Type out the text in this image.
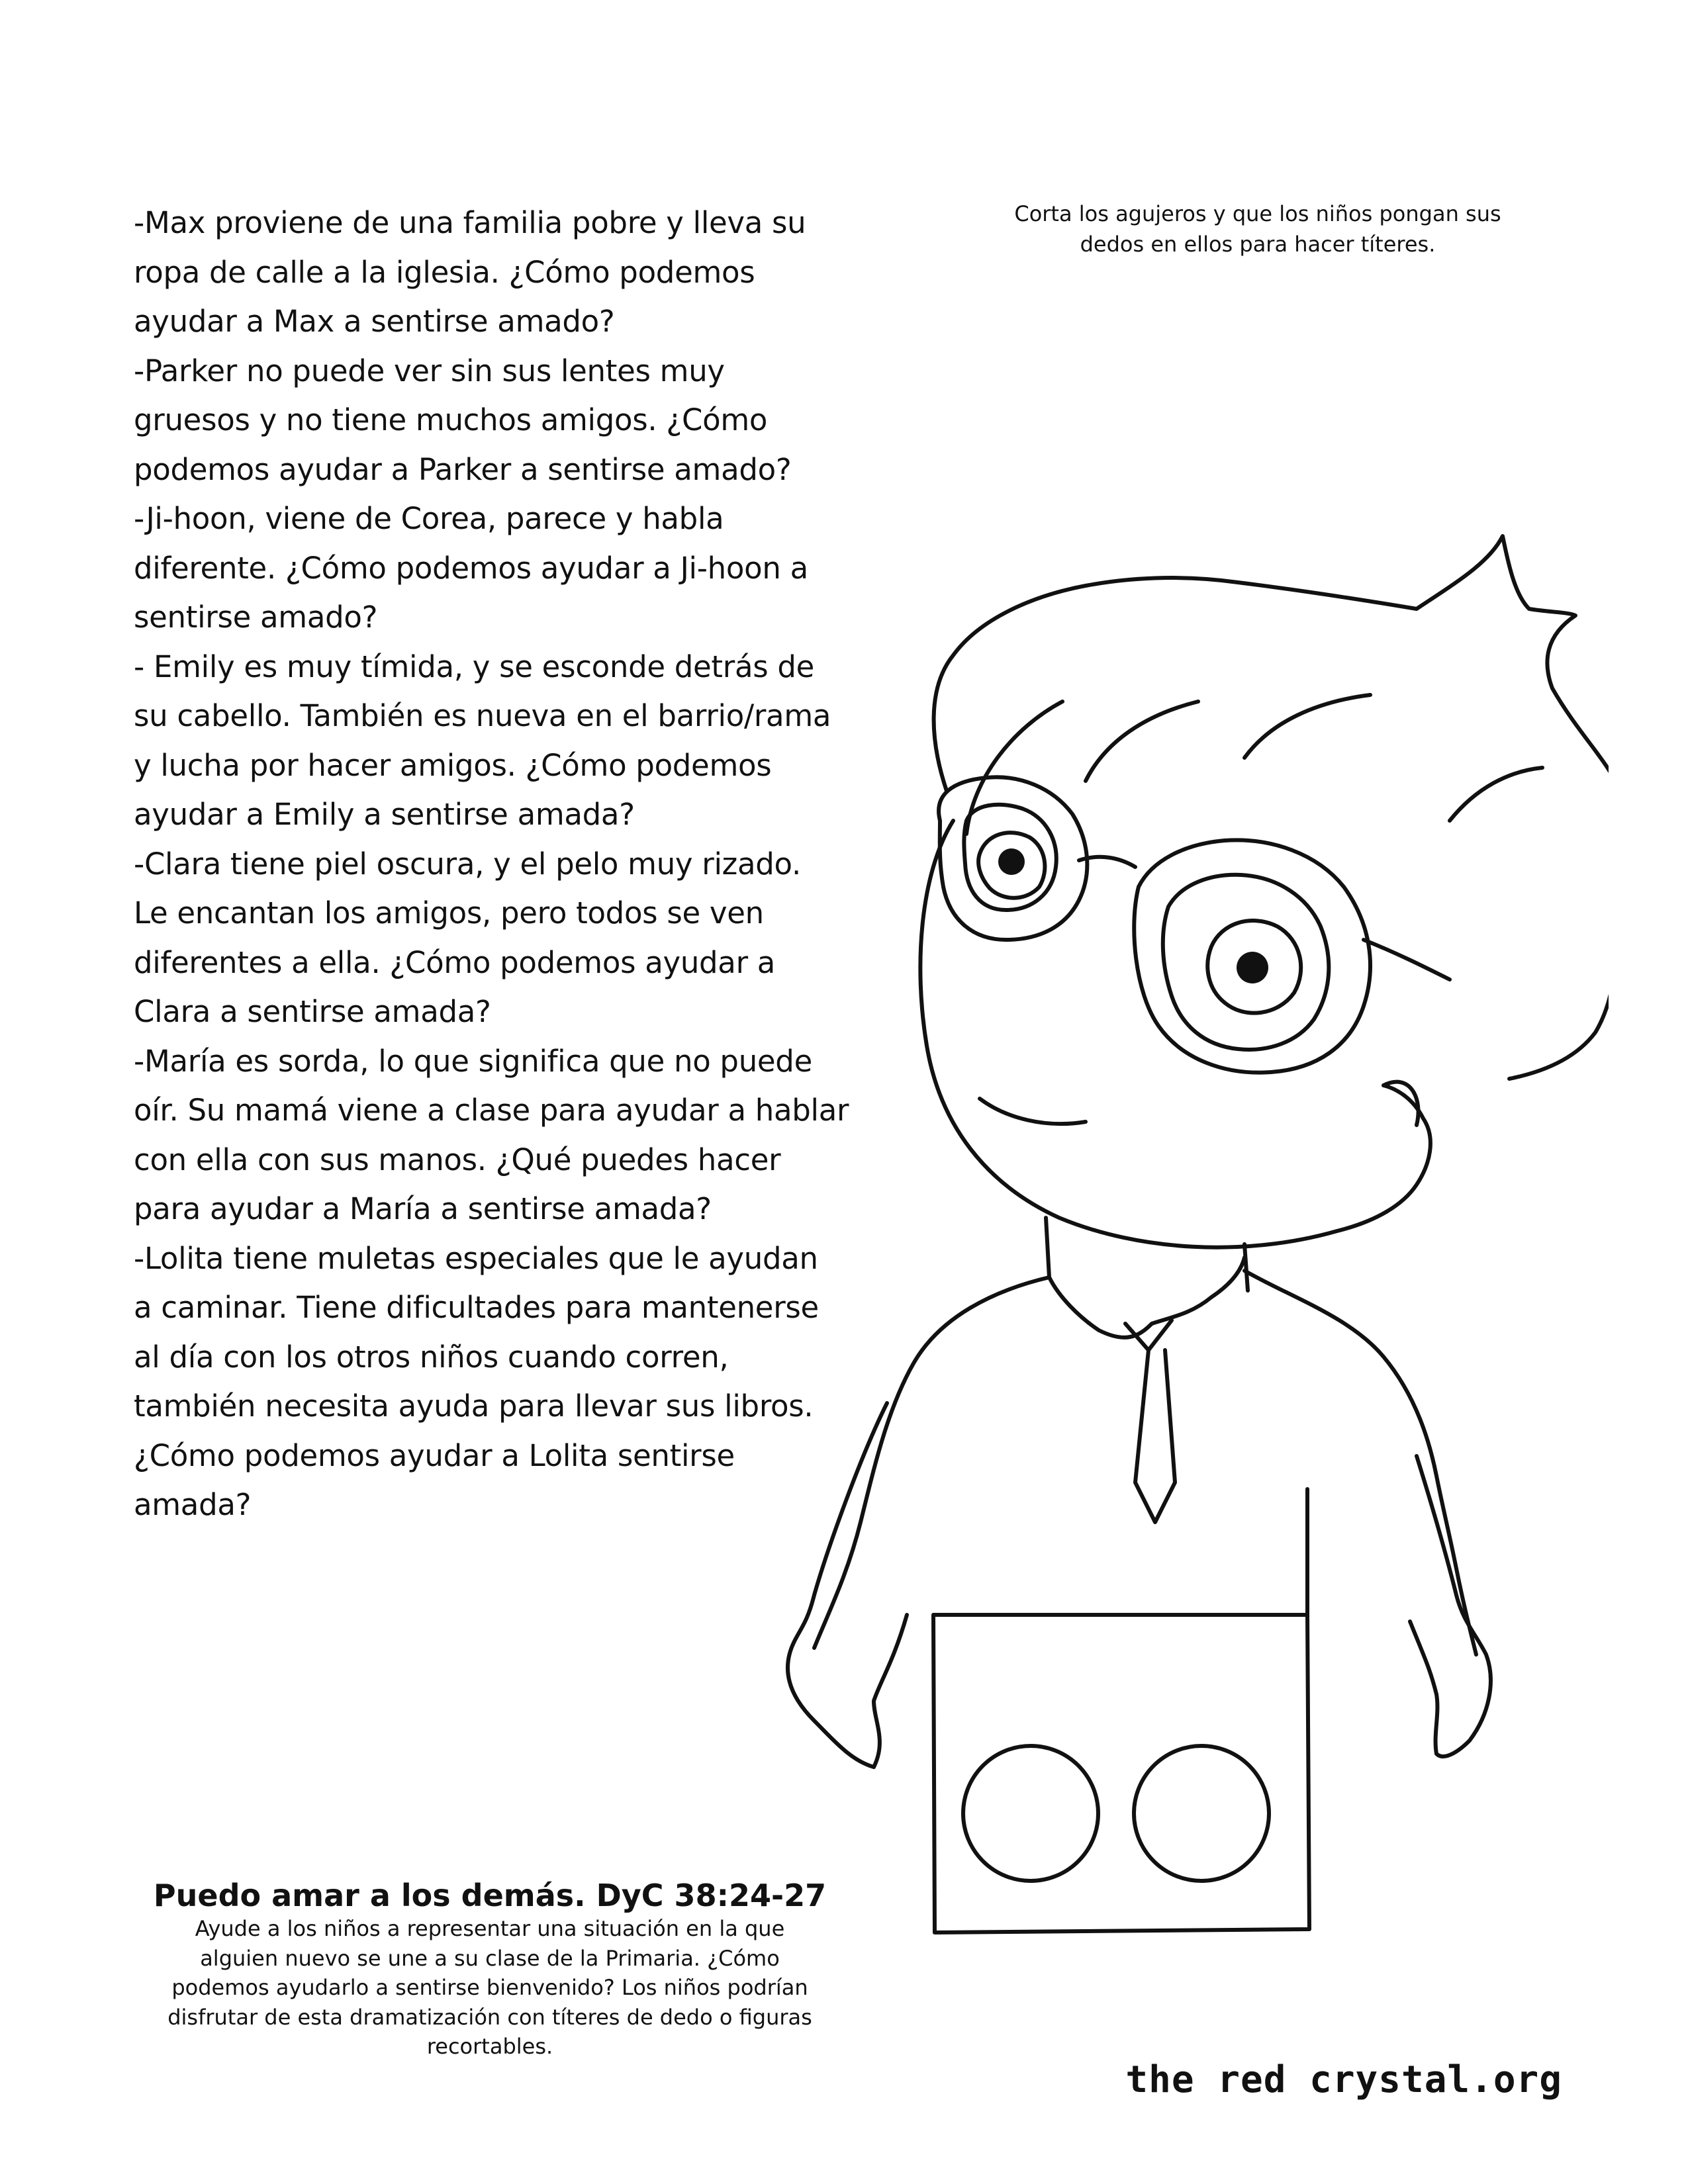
-Max proviene de una familia pobre y lleva su
ropa de calle a la iglesia. ¿Cómo podemos
ayudar a Max a sentirse amado?
-Parker no puede ver sin sus lentes muy
gruesos y no tiene muchos amigos. ¿Cómo
podemos ayudar a Parker a sentirse amado?
-Ji-hoon, viene de Corea, parece y habla
diferente. ¿Cómo podemos ayudar a Ji-hoon a
sentirse amado?
- Emily es muy tímida, y se esconde detrás de
su cabello. También es nueva en el barrio/rama
y lucha por hacer amigos. ¿Cómo podemos
ayudar a Emily a sentirse amada?
-Clara tiene piel oscura, y el pelo muy rizado.
Le encantan los amigos, pero todos se ven
diferentes a ella. ¿Cómo podemos ayudar a
Clara a sentirse amada?
-María es sorda, lo que significa que no puede
oír. Su mamá viene a clase para ayudar a hablar
con ella con sus manos. ¿Qué puedes hacer
para ayudar a María a sentirse amada?
-Lolita tiene muletas especiales que le ayudan
a caminar. Tiene dificultades para mantenerse
al día con los otros niños cuando corren,
también necesita ayuda para llevar sus libros.
¿Cómo podemos ayudar a Lolita sentirse
amada?
Corta los agujeros y que los niños pongan sus
dedos en ellos para hacer títeres.
Puedo amar a los demás. DyC 38:24-27
Ayude a los niños a representar una situación en la que
alguien nuevo se une a su clase de la Primaria. ¿Cómo
podemos ayudarlo a sentirse bienvenido? Los niños podrían
disfrutar de esta dramatización con títeres de dedo o figuras
recortables.
the red crystal.org
